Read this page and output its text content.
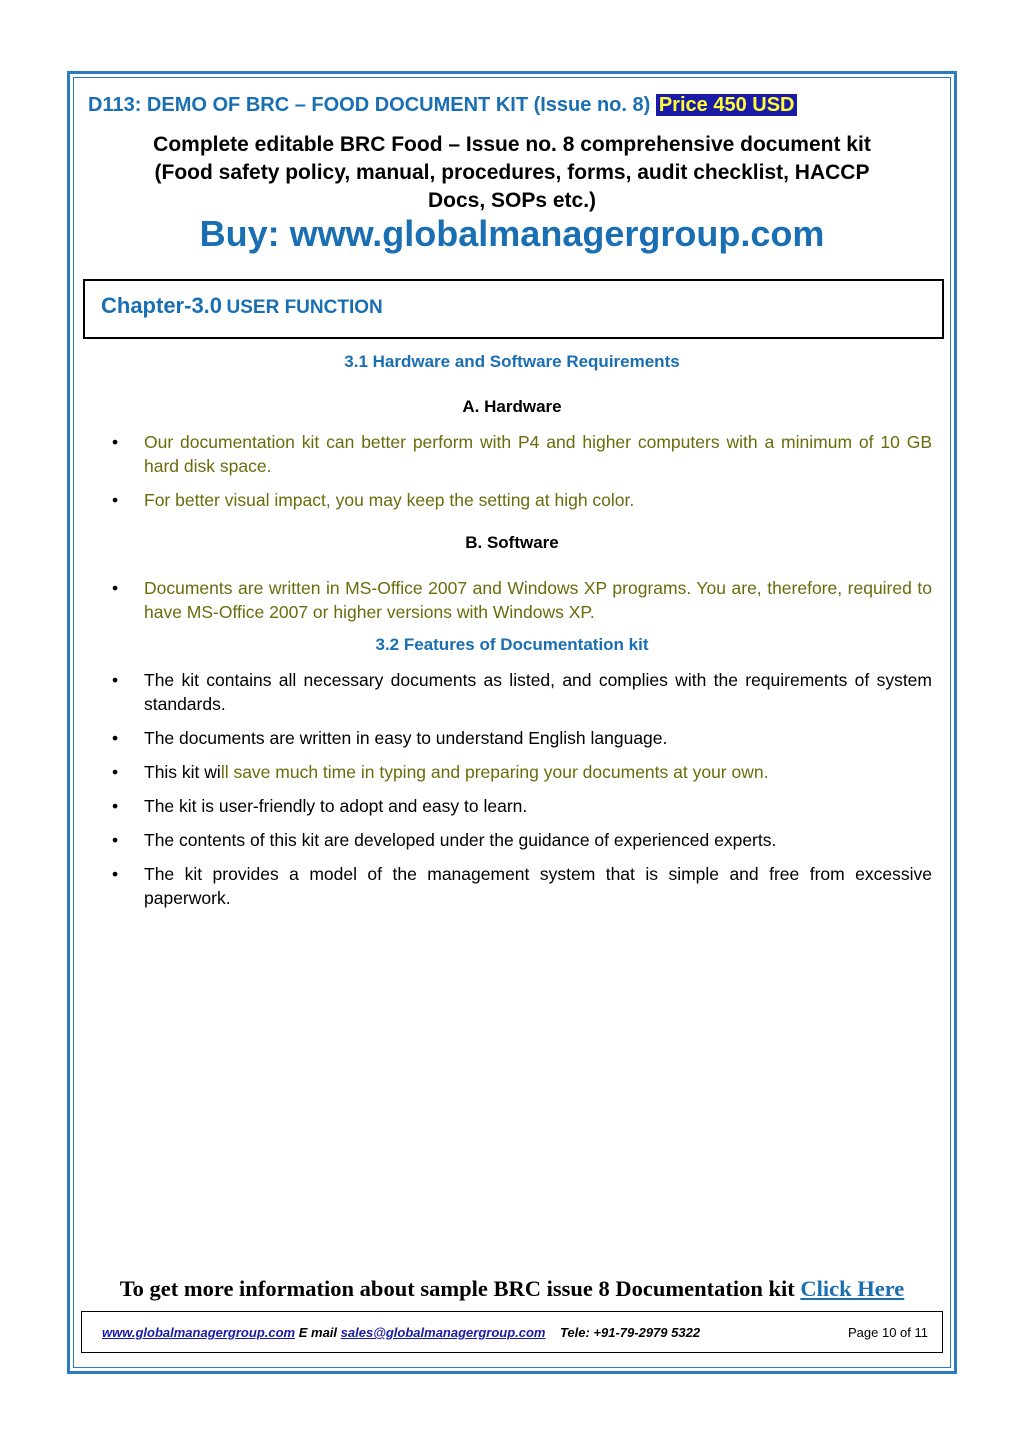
D113: DEMO OF BRC – FOOD DOCUMENT KIT (Issue no. 8) Price 450 USD
Complete editable BRC Food – Issue no. 8 comprehensive document kit
(Food safety policy, manual, procedures, forms, audit checklist, HACCP
Docs, SOPs etc.)
Buy: www.globalmanagergroup.com
Chapter-3.0 USER FUNCTION
3.1 Hardware and Software Requirements
A. Hardware
• Our documentation kit can better perform with P4 and higher computers with a minimum of 10 GB hard disk space.
• For better visual impact, you may keep the setting at high color.
B. Software
• Documents are written in MS-Office 2007 and Windows XP programs. You are, therefore, required to have MS-Office 2007 or higher versions with Windows XP.
3.2 Features of Documentation kit
• The kit contains all necessary documents as listed, and complies with the requirements of system standards.
• The documents are written in easy to understand English language.
• This kit will save much time in typing and preparing your documents at your own.
• The kit is user-friendly to adopt and easy to learn.
• The contents of this kit are developed under the guidance of experienced experts.
• The kit provides a model of the management system that is simple and free from excessive paperwork.
To get more information about sample BRC issue 8 Documentation kit Click Here
www.globalmanagergroup.com E mail sales@globalmanagergroup.com Tele: +91-79-2979 5322	Page 10 of 11
